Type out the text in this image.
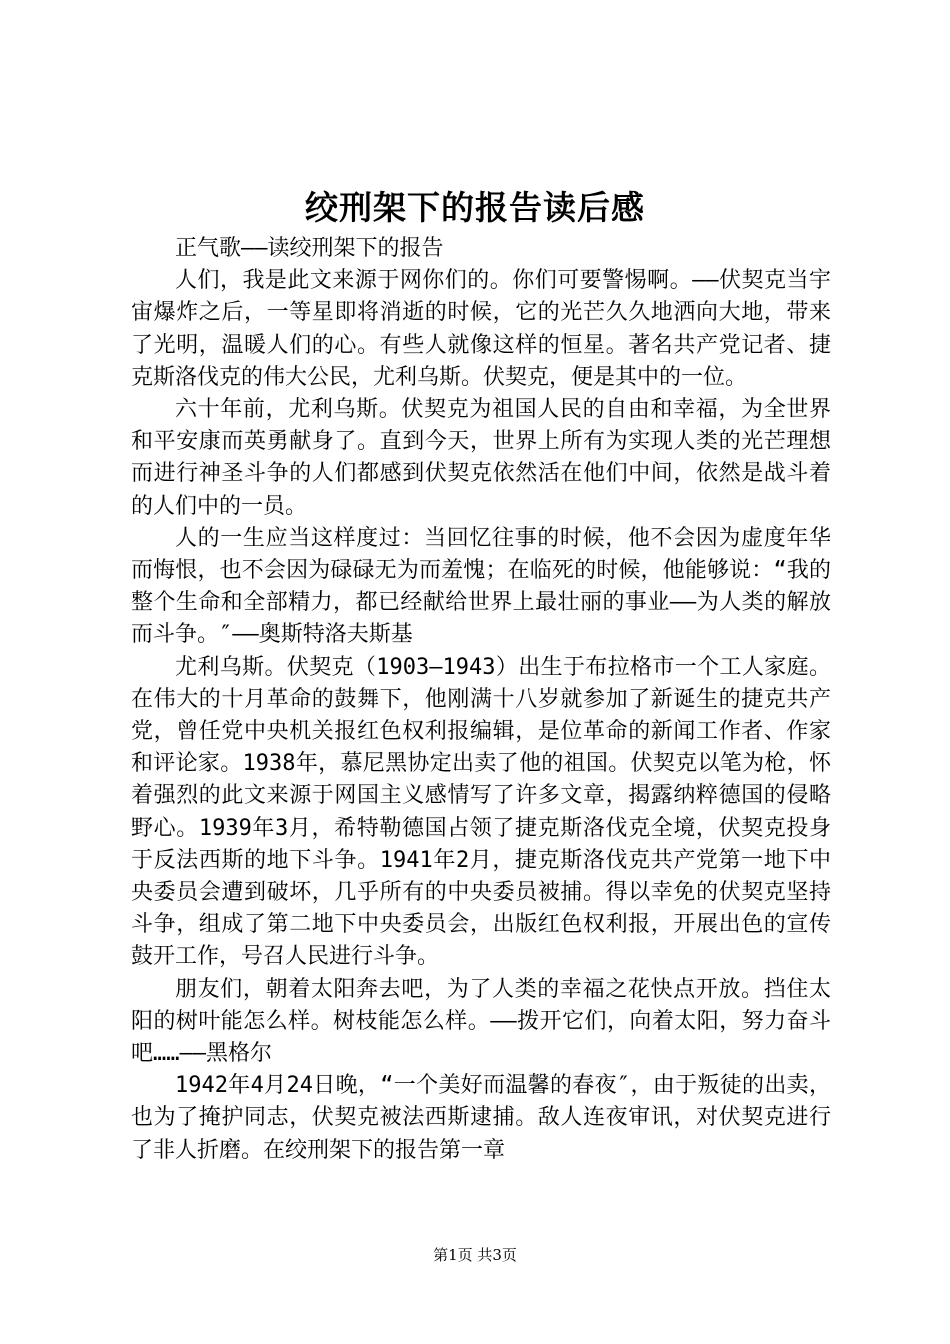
绞刑架下的报告读后感

正气歌——读绞刑架下的报告

人们，我是此文来源于网你们的。你们可要警惕啊。——伏契克当宇宙爆炸之后，一等星即将消逝的时候，它的光芒久久地洒向大地，带来了光明，温暖人们的心。有些人就像这样的恒星。著名共产党记者、捷克斯洛伐克的伟大公民，尤利乌斯。伏契克，便是其中的一位。

六十年前，尤利乌斯。伏契克为祖国人民的自由和幸福，为全世界和平安康而英勇献身了。直到今天，世界上所有为实现人类的光芒理想而进行神圣斗争的人们都感到伏契克依然活在他们中间，依然是战斗着的人们中的一员。

人的一生应当这样度过：当回忆往事的时候，他不会因为虚度年华而悔恨，也不会因为碌碌无为而羞愧；在临死的时候，他能够说：“我的整个生命和全部精力，都已经献给世界上最壮丽的事业——为人类的解放而斗争。″——奥斯特洛夫斯基

尤利乌斯。伏契克（1903—1943）出生于布拉格市一个工人家庭。在伟大的十月革命的鼓舞下，他刚满十八岁就参加了新诞生的捷克共产党，曾任党中央机关报红色权利报编辑，是位革命的新闻工作者、作家和评论家。1938年，慕尼黑协定出卖了他的祖国。伏契克以笔为枪，怀着强烈的此文来源于网国主义感情写了许多文章，揭露纳粹德国的侵略野心。1939年3月，希特勒德国占领了捷克斯洛伐克全境，伏契克投身于反法西斯的地下斗争。1941年2月，捷克斯洛伐克共产党第一地下中央委员会遭到破坏，几乎所有的中央委员被捕。得以幸免的伏契克坚持斗争，组成了第二地下中央委员会，出版红色权利报，开展出色的宣传鼓开工作，号召人民进行斗争。

朋友们，朝着太阳奔去吧，为了人类的幸福之花快点开放。挡住太阳的树叶能怎么样。树枝能怎么样。——拨开它们，向着太阳，努力奋斗吧……——黑格尔

1942年4月24日晚，“一个美好而温馨的春夜″，由于叛徒的出卖，也为了掩护同志，伏契克被法西斯逮捕。敌人连夜审讯，对伏契克进行了非人折磨。在绞刑架下的报告第一章

第1页 共3页
